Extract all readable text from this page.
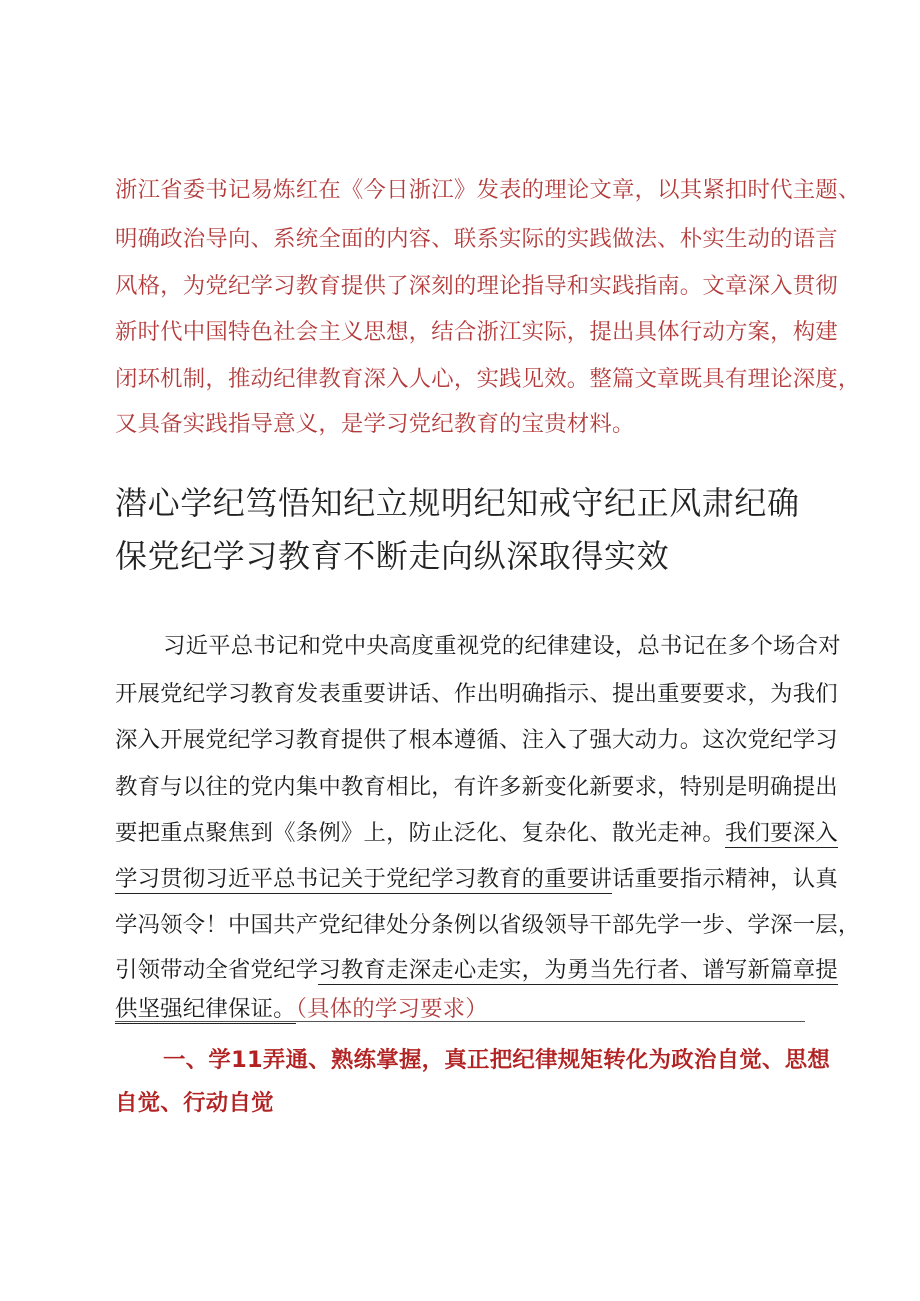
浙江省委书记易炼红在《今日浙江》发表的理论文章，以其紧扣时代主题、

明确政治导向、系统全面的内容、联系实际的实践做法、朴实生动的语言

风格，为党纪学习教育提供了深刻的理论指导和实践指南。文章深入贯彻

新时代中国特色社会主义思想，结合浙江实际，提出具体行动方案，构建

闭环机制，推动纪律教育深入人心，实践见效。整篇文章既具有理论深度，

又具备实践指导意义，是学习党纪教育的宝贵材料。

潜心学纪笃悟知纪立规明纪知戒守纪正风肃纪确

保党纪学习教育不断走向纵深取得实效

习近平总书记和党中央高度重视党的纪律建设，总书记在多个场合对

开展党纪学习教育发表重要讲话、作出明确指示、提出重要要求，为我们

深入开展党纪学习教育提供了根本遵循、注入了强大动力。这次党纪学习

教育与以往的党内集中教育相比，有许多新变化新要求，特别是明确提出

要把重点聚焦到《条例》上，防止泛化、复杂化、散光走神。我们要深入

学习贯彻习近平总书记关于党纪学习教育的重要讲话重要指示精神，认真

学冯领令！中国共产党纪律处分条例以省级领导干部先学一步、学深一层，

引领带动全省党纪学习教育走深走心走实，为勇当先行者、谱写新篇章提

供坚强纪律保证。（具体的学习要求）

一、学11弄通、熟练掌握，真正把纪律规矩转化为政治自觉、思想

自觉、行动自觉
